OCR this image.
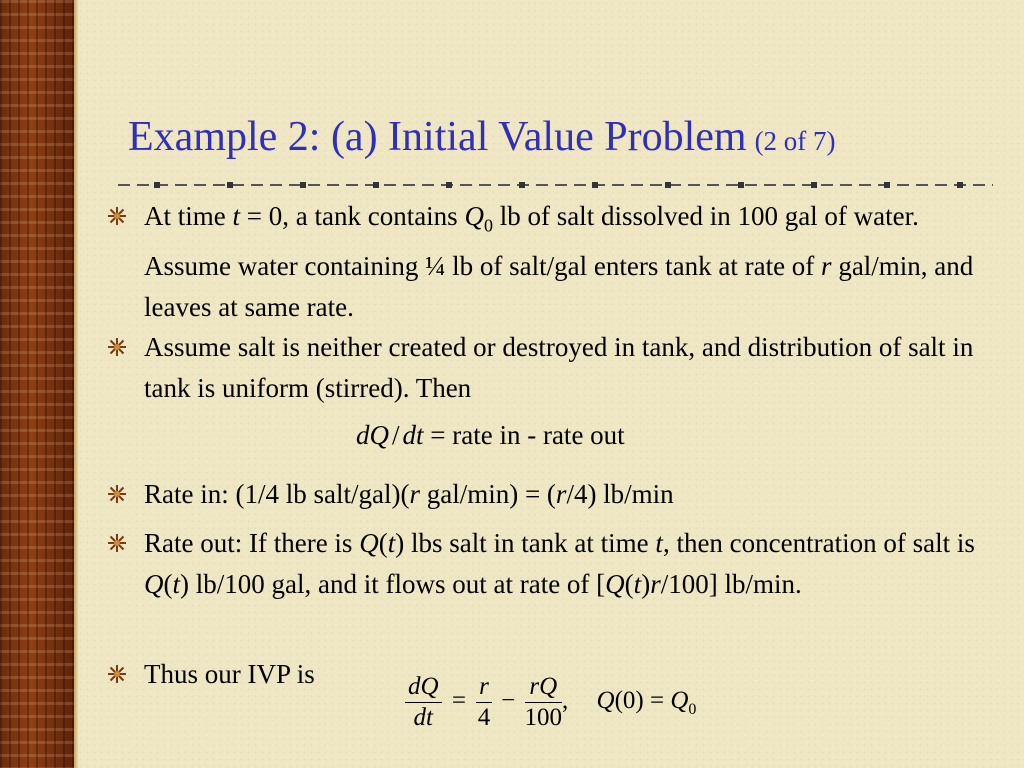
Example 2: (a) Initial Value Problem (2 of 7)
At time t = 0, a tank contains $Q_0$ lb of salt dissolved in 100 gal of water. Assume water containing ¼ lb of salt/gal enters tank at rate of r gal/min, and leaves at same rate.
Assume salt is neither created or destroyed in tank, and distribution of salt in tank is uniform (stirred). Then
dQ / dt = rate in - rate out
Rate in: (1/4 lb salt/gal)(r gal/min) = (r/4) lb/min
Rate out: If there is Q(t) lbs salt in tank at time t, then concentration of salt is Q(t) lb/100 gal, and it flows out at rate of [Q(t)r/100] lb/min.
Thus our IVP is	$\frac{dQ}{dt} = \frac{r}{4} - \frac{rQ}{100}$ , $Q(0) = Q_0$
